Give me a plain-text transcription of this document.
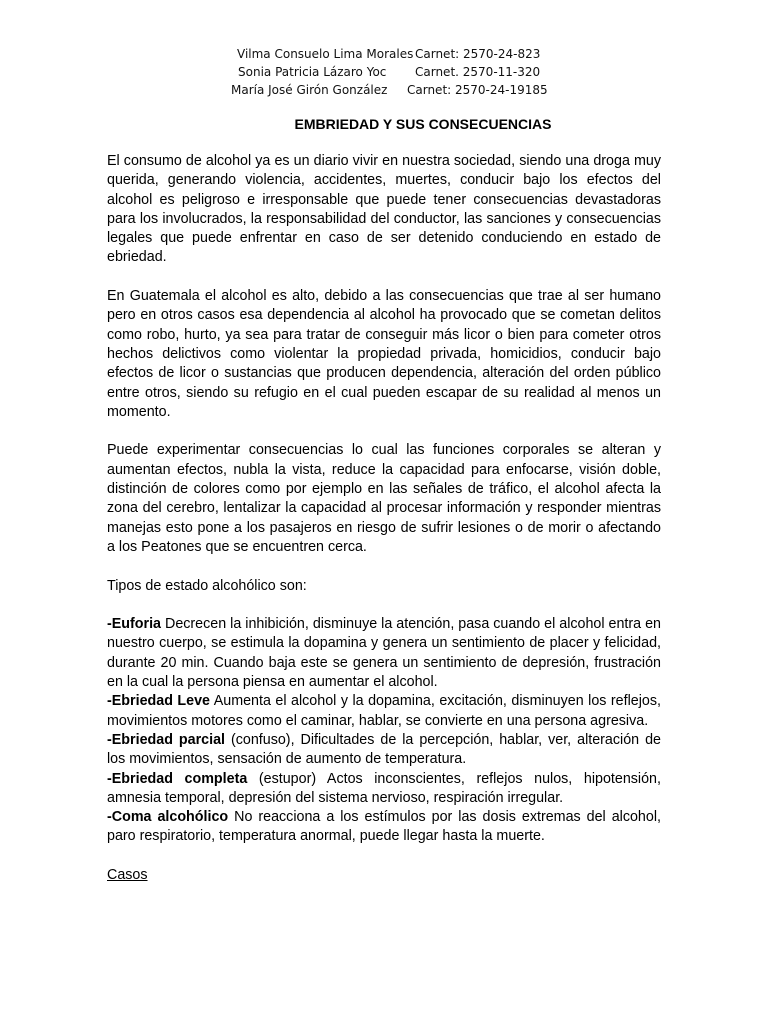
Vilma Consuelo Lima Morales Carnet: 2570-24-823
Sonia Patricia Lázaro Yoc Carnet. 2570-11-320
María José Girón González Carnet: 2570-24-19185
EMBRIEDAD Y SUS CONSECUENCIAS

El consumo de alcohol ya es un diario vivir en nuestra sociedad, siendo una droga muy querida, generando violencia, accidentes, muertes, conducir bajo los efectos del alcohol es peligroso e irresponsable que puede tener consecuencias devastadoras para los involucrados, la responsabilidad del conductor, las sanciones y consecuencias legales que puede enfrentar en caso de ser detenido conduciendo en estado de ebriedad.

En Guatemala el alcohol es alto, debido a las consecuencias que trae al ser humano pero en otros casos esa dependencia al alcohol ha provocado que se cometan delitos como robo, hurto, ya sea para tratar de conseguir más licor o bien para cometer otros hechos delictivos como violentar la propiedad privada, homicidios, conducir bajo efectos de licor o sustancias que producen dependencia, alteración del orden público entre otros, siendo su refugio en el cual pueden escapar de su realidad al menos un momento.

Puede experimentar consecuencias lo cual las funciones corporales se alteran y aumentan efectos, nubla la vista, reduce la capacidad para enfocarse, visión doble, distinción de colores como por ejemplo en las señales de tráfico, el alcohol afecta la zona del cerebro, lentalizar la capacidad al procesar información y responder mientras manejas esto pone a los pasajeros en riesgo de sufrir lesiones o de morir o afectando a los Peatones que se encuentren cerca.

Tipos de estado alcohólico son:

-Euforia Decrecen la inhibición, disminuye la atención, pasa cuando el alcohol entra en nuestro cuerpo, se estimula la dopamina y genera un sentimiento de placer y felicidad, durante 20 min. Cuando baja este se genera un sentimiento de depresión, frustración en la cual la persona piensa en aumentar el alcohol.

-Ebriedad Leve Aumenta el alcohol y la dopamina, excitación, disminuyen los reflejos, movimientos motores como el caminar, hablar, se convierte en una persona agresiva.

-Ebriedad parcial (confuso), Dificultades de la percepción, hablar, ver, alteración de los movimientos, sensación de aumento de temperatura.

-Ebriedad completa (estupor) Actos inconscientes, reflejos nulos, hipotensión, amnesia temporal, depresión del sistema nervioso, respiración irregular.

-Coma alcohólico No reacciona a los estímulos por las dosis extremas del alcohol, paro respiratorio, temperatura anormal, puede llegar hasta la muerte.

Casos
